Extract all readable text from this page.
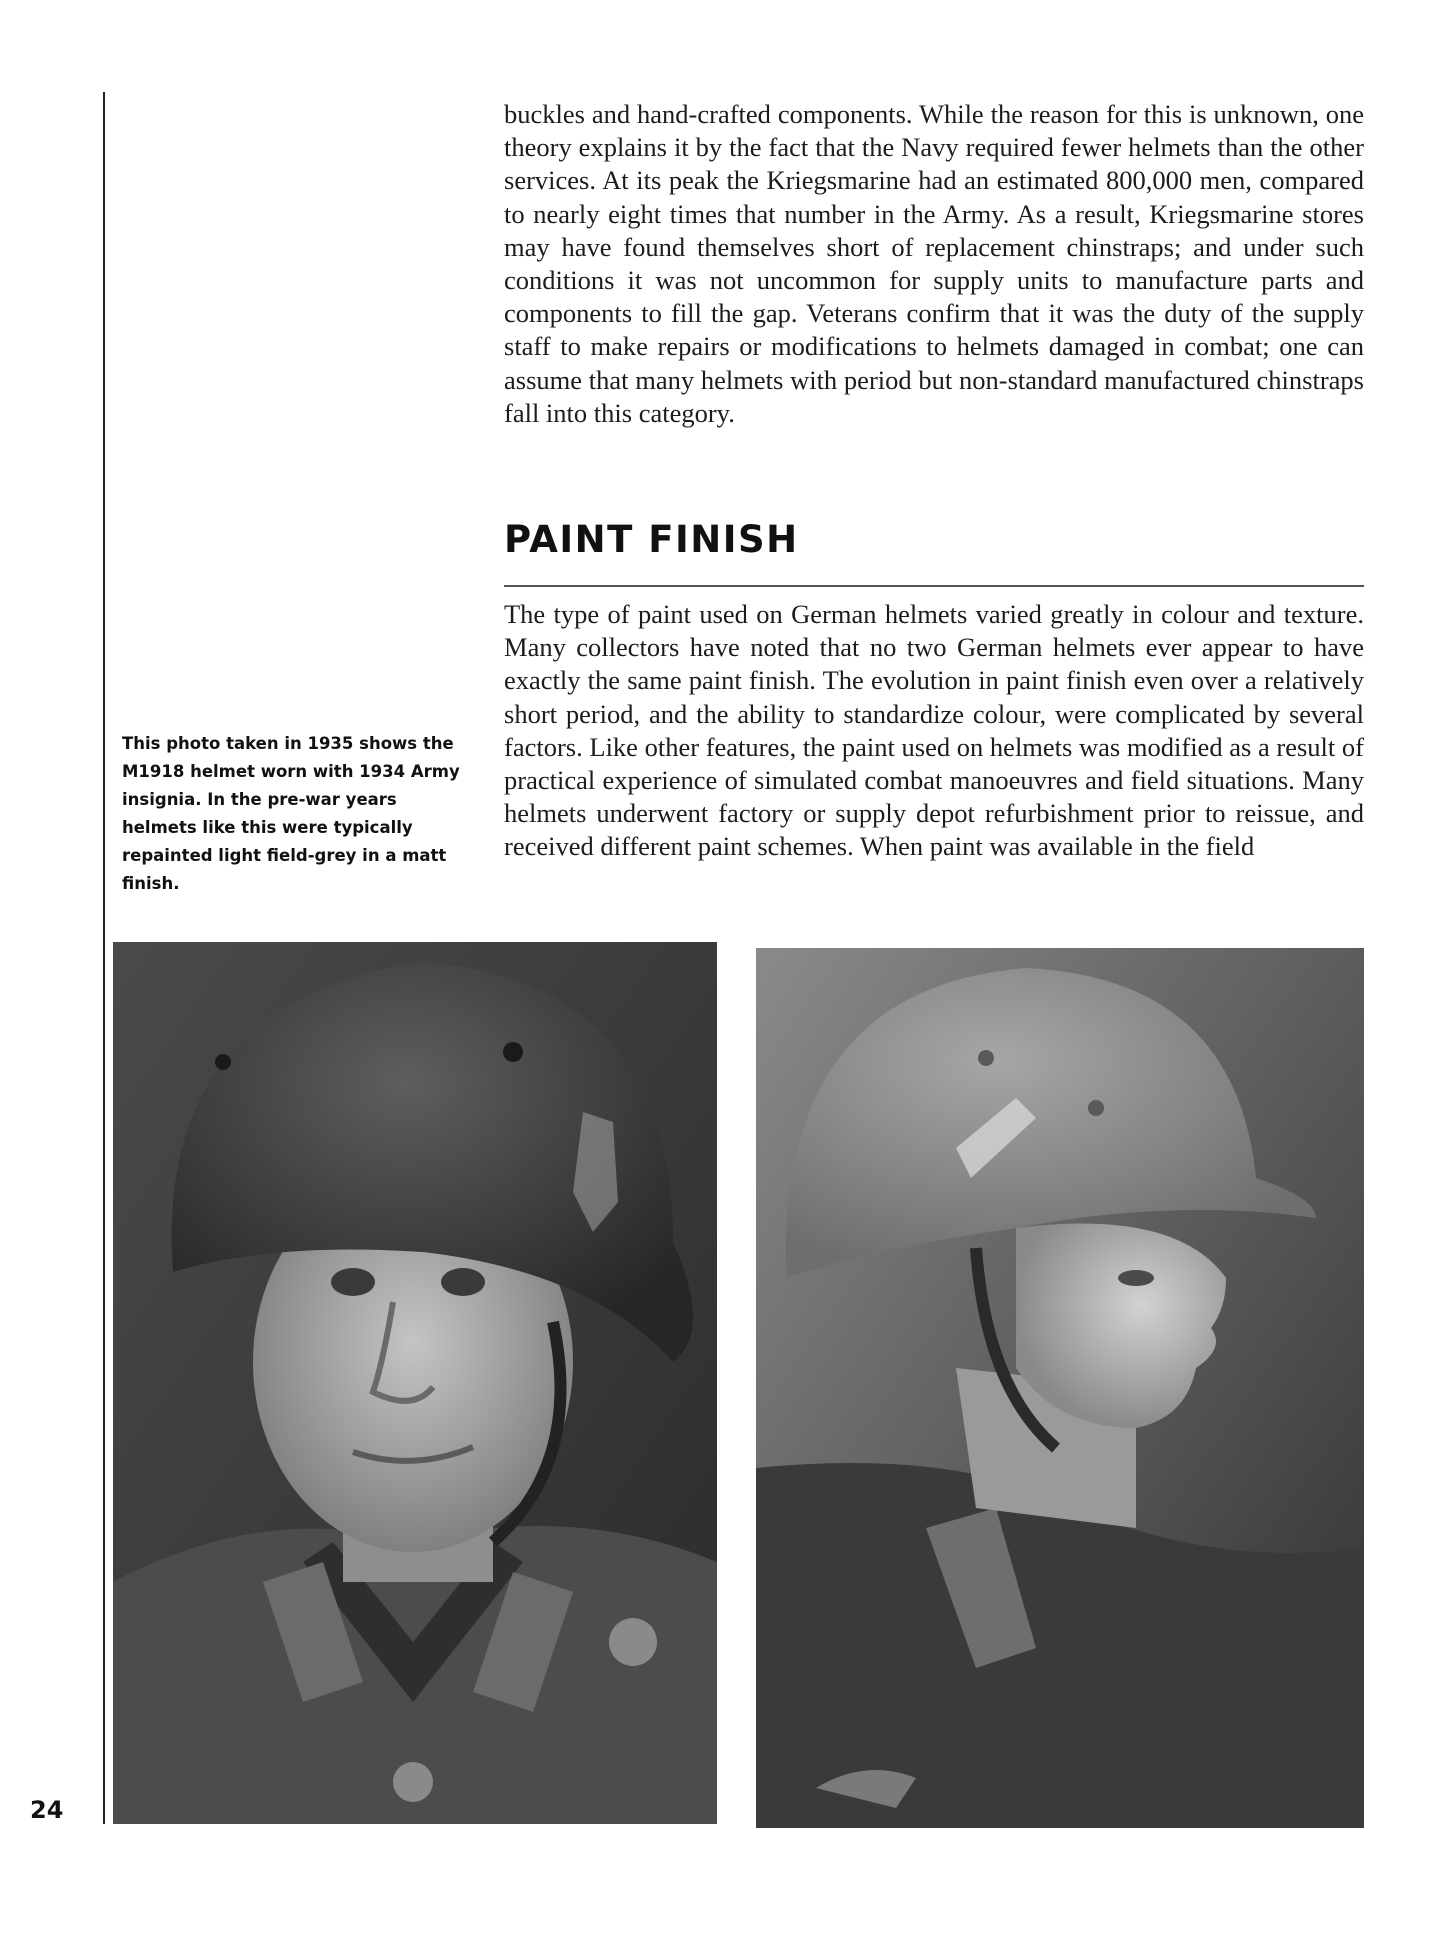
24

buckles and hand-crafted components. While the reason for this is unknown, one theory explains it by the fact that the Navy required fewer helmets than the other services. At its peak the Kriegsmarine had an estimated 800,000 men, compared to nearly eight times that number in the Army. As a result, Kriegsmarine stores may have found themselves short of replacement chinstraps; and under such conditions it was not uncommon for supply units to manufacture parts and components to fill the gap. Veterans confirm that it was the duty of the supply staff to make repairs or modifications to helmets damaged in combat; one can assume that many helmets with period but non-standard manufactured chinstraps fall into this category.

PAINT FINISH

The type of paint used on German helmets varied greatly in colour and texture. Many collectors have noted that no two German helmets ever appear to have exactly the same paint finish. The evolution in paint finish even over a relatively short period, and the ability to standardize colour, were complicated by several factors. Like other features, the paint used on helmets was modified as a result of practical experience of simulated combat manoeuvres and field situations. Many helmets underwent factory or supply depot refurbishment prior to reissue, and received different paint schemes. When paint was available in the field

This photo taken in 1935 shows the M1918 helmet worn with 1934 Army insignia. In the pre-war years helmets like this were typically repainted light field-grey in a matt finish.
